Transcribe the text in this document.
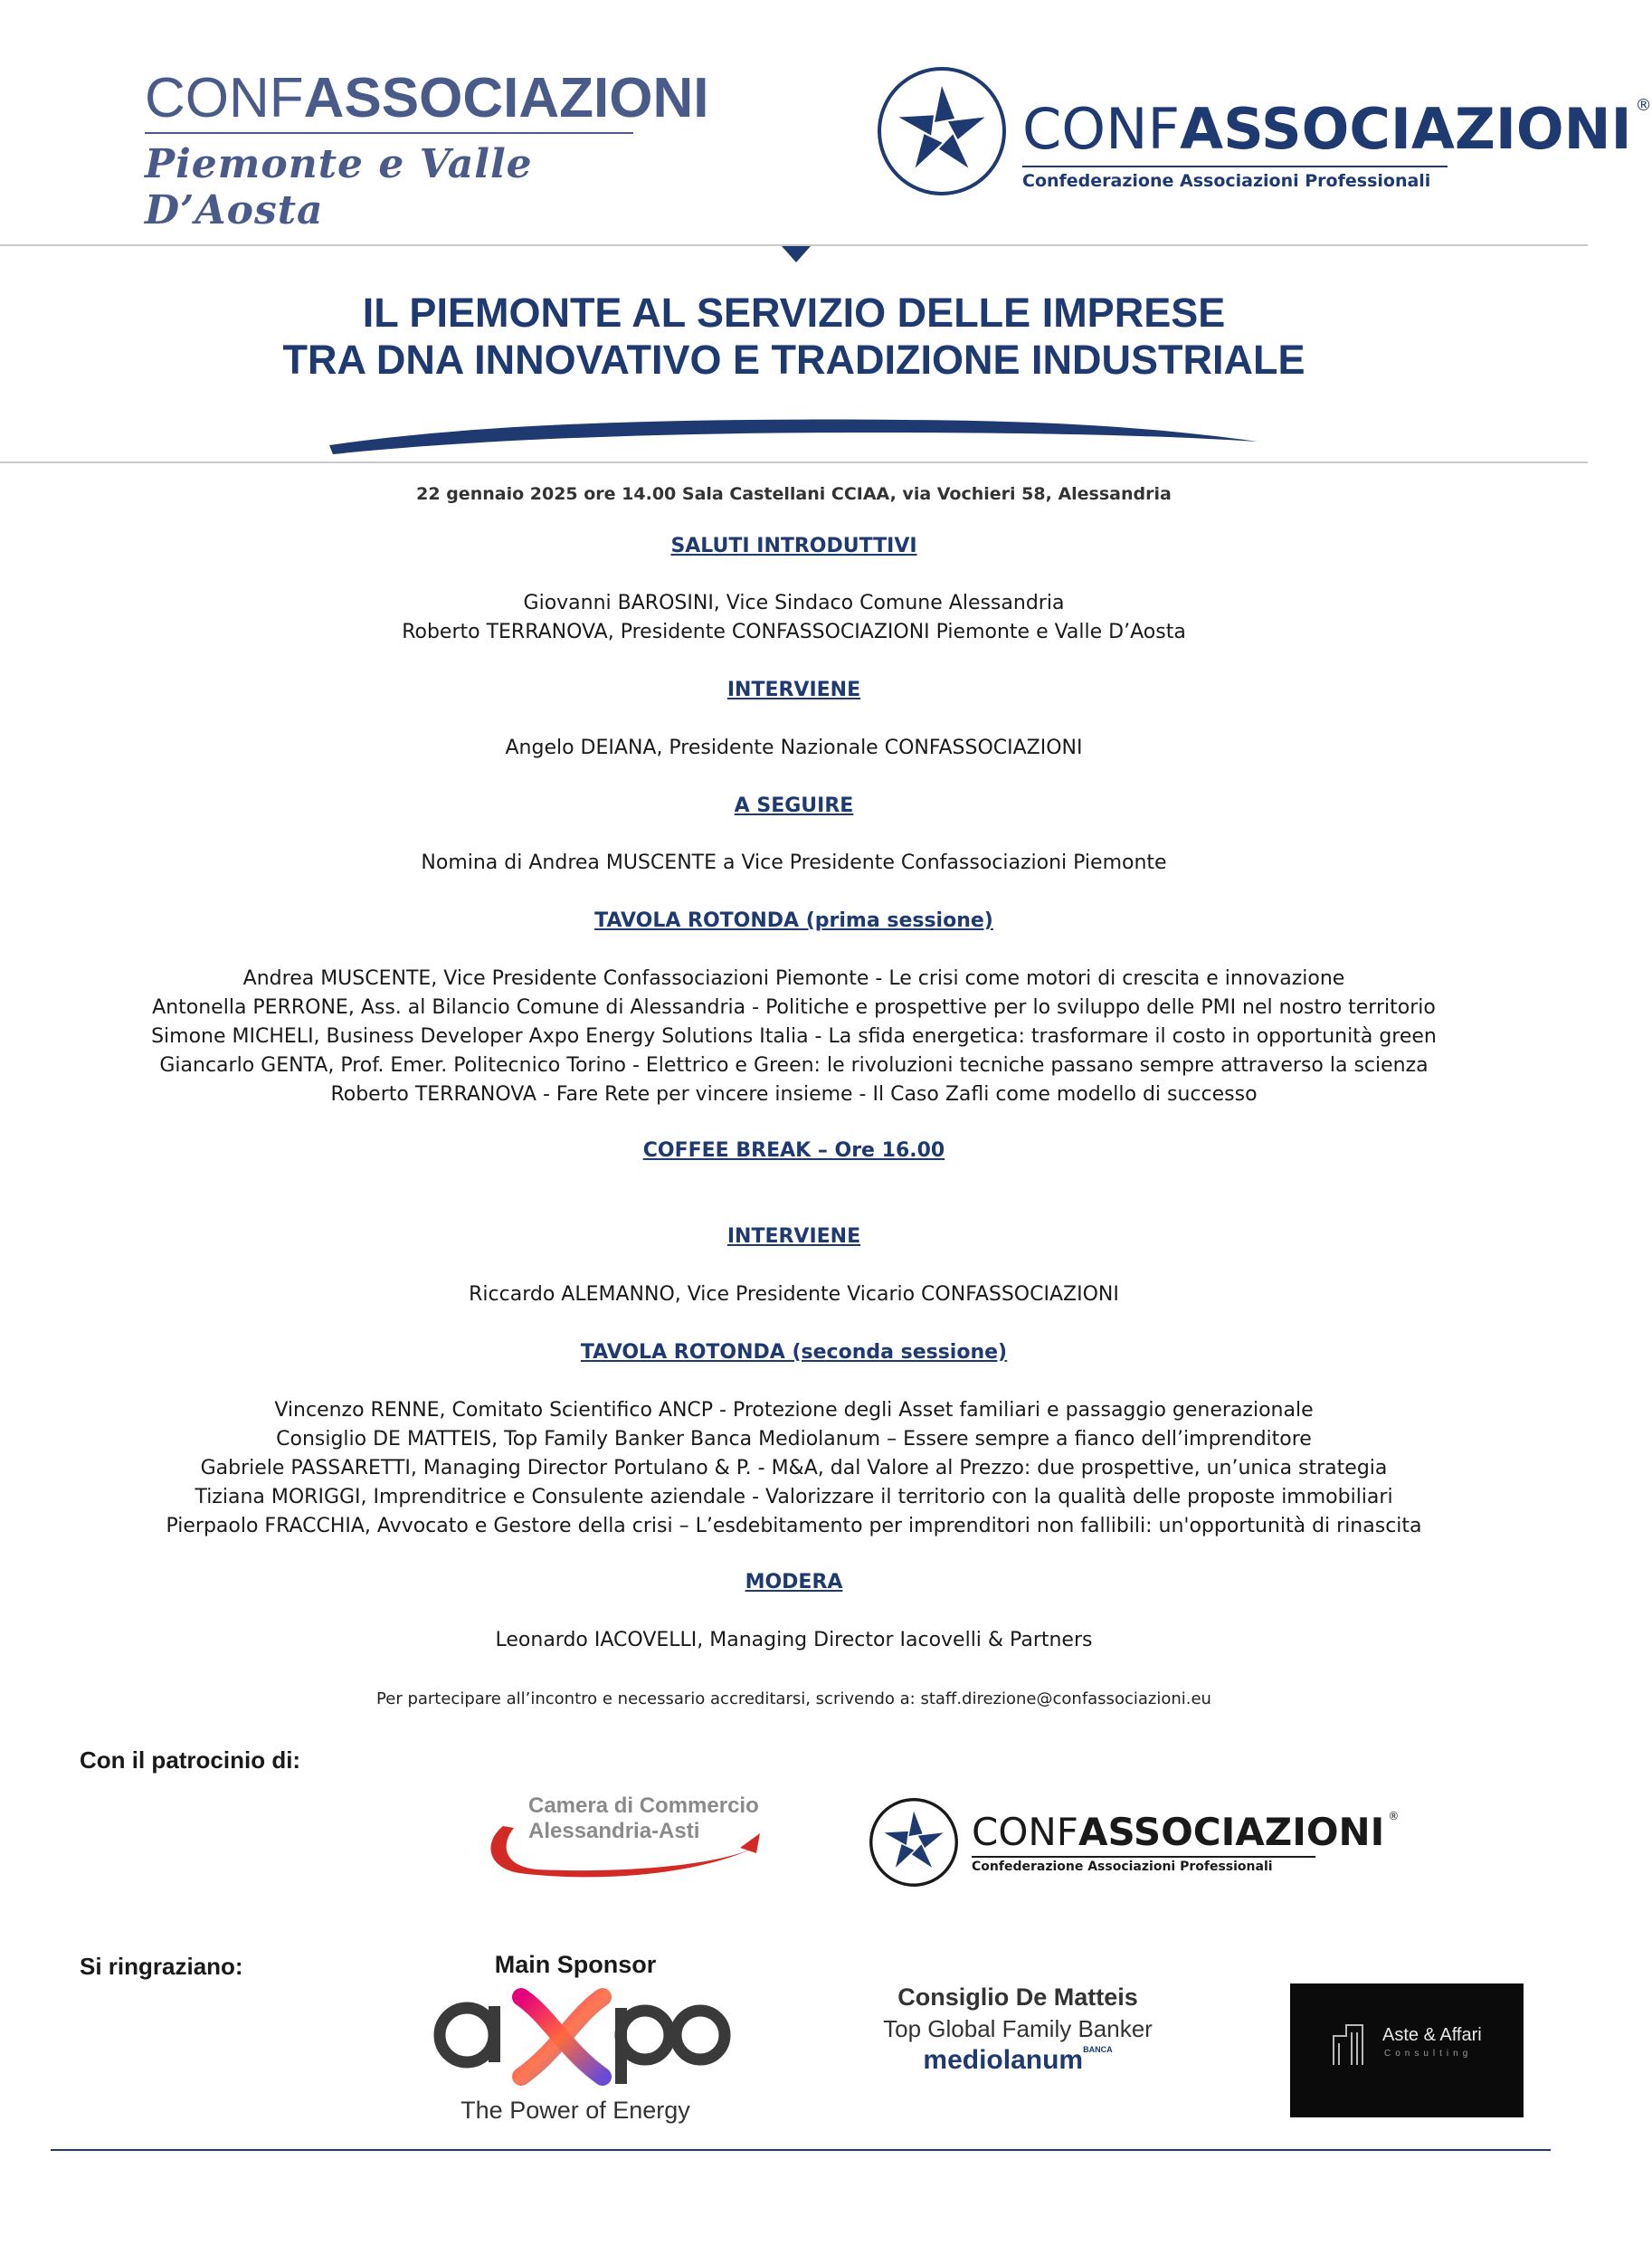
CONFASSOCIAZIONI
Piemonte e Valle D’Aosta
CONFASSOCIAZIONI ®
Confederazione Associazioni Professionali
IL PIEMONTE AL SERVIZIO DELLE IMPRESE
TRA DNA INNOVATIVO E TRADIZIONE INDUSTRIALE
22 gennaio 2025 ore 14.00 Sala Castellani CCIAA, via Vochieri 58, Alessandria
SALUTI INTRODUTTIVI
Giovanni BAROSINI, Vice Sindaco Comune Alessandria
Roberto TERRANOVA, Presidente CONFASSOCIAZIONI Piemonte e Valle D’Aosta
INTERVIENE
Angelo DEIANA, Presidente Nazionale CONFASSOCIAZIONI
A SEGUIRE
Nomina di Andrea MUSCENTE a Vice Presidente Confassociazioni Piemonte
TAVOLA ROTONDA (prima sessione)
Andrea MUSCENTE, Vice Presidente Confassociazioni Piemonte - Le crisi come motori di crescita e innovazione
Antonella PERRONE, Ass. al Bilancio Comune di Alessandria - Politiche e prospettive per lo sviluppo delle PMI nel nostro territorio
Simone MICHELI, Business Developer Axpo Energy Solutions Italia - La sfida energetica: trasformare il costo in opportunità green
Giancarlo GENTA, Prof. Emer. Politecnico Torino - Elettrico e Green: le rivoluzioni tecniche passano sempre attraverso la scienza
Roberto TERRANOVA - Fare Rete per vincere insieme - Il Caso Zafli come modello di successo
COFFEE BREAK – Ore 16.00
INTERVIENE
Riccardo ALEMANNO, Vice Presidente Vicario CONFASSOCIAZIONI
TAVOLA ROTONDA (seconda sessione)
Vincenzo RENNE, Comitato Scientifico ANCP - Protezione degli Asset familiari e passaggio generazionale
Consiglio DE MATTEIS, Top Family Banker Banca Mediolanum – Essere sempre a fianco dell’imprenditore
Gabriele PASSARETTI, Managing Director Portulano & P. - M&A, dal Valore al Prezzo: due prospettive, un’unica strategia
Tiziana MORIGGI, Imprenditrice e Consulente aziendale - Valorizzare il territorio con la qualità delle proposte immobiliari
Pierpaolo FRACCHIA, Avvocato e Gestore della crisi – L’esdebitamento per imprenditori non fallibili: un'opportunità di rinascita
MODERA
Leonardo IACOVELLI, Managing Director Iacovelli & Partners
Per partecipare all’incontro e necessario accreditarsi, scrivendo a: staff.direzione@confassociazioni.eu
Con il patrocinio di:
Camera di Commercio
Alessandria-Asti	CONFASSOCIAZIONI ®
Confederazione Associazioni Professionali
Si ringraziano:	Main Sponsor
The Power of Energy
Consiglio De Matteis
Top Global Family Banker
mediolanum$^{BANCA}$
Aste & Affari
Consulting
